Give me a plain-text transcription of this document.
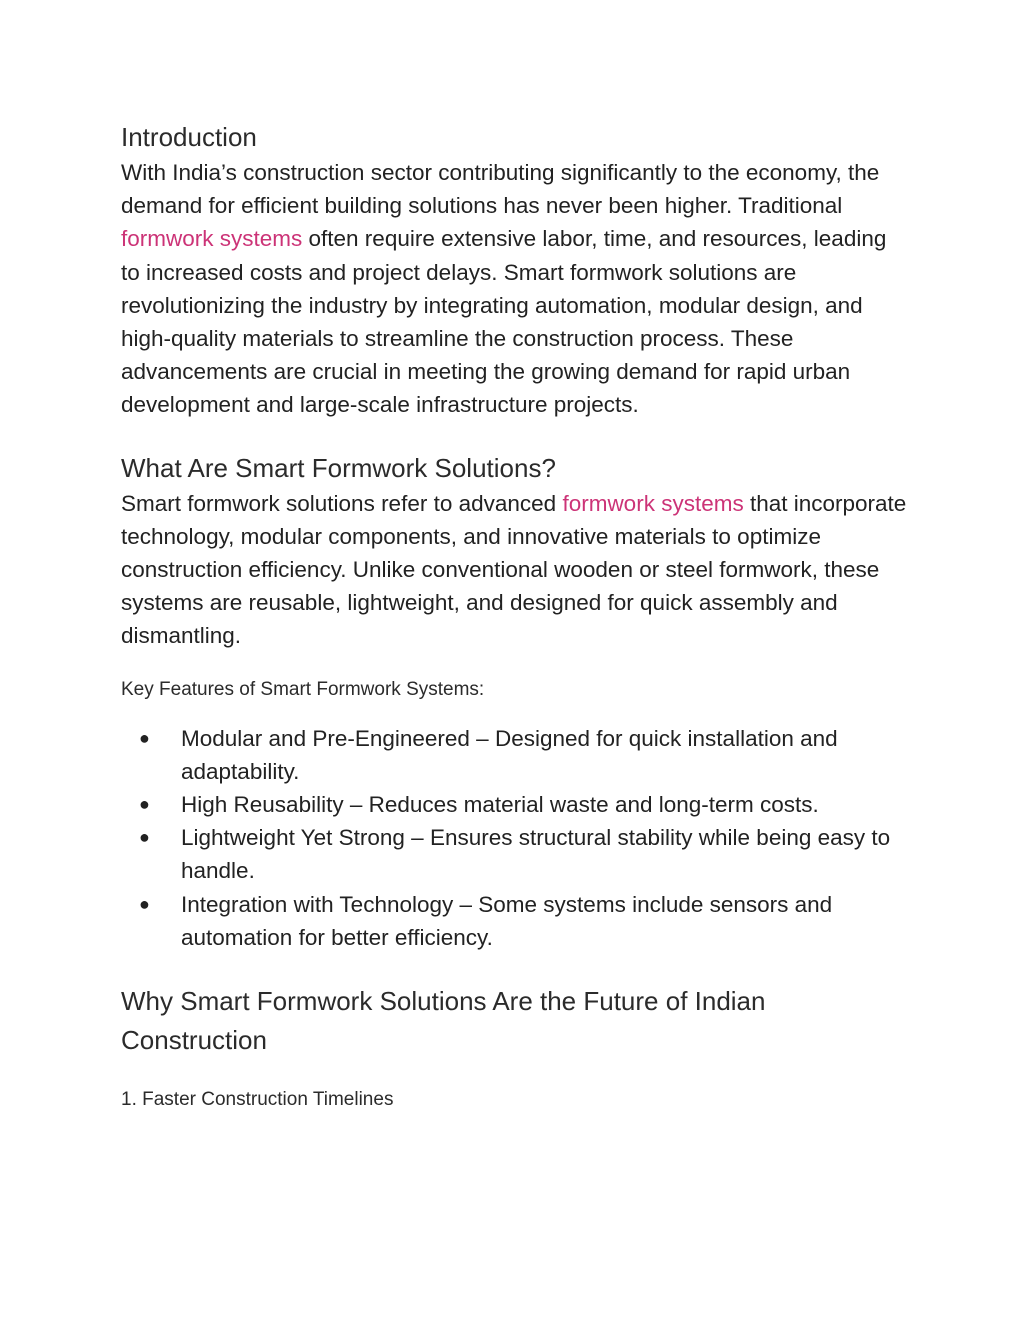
Introduction

With India’s construction sector contributing significantly to the economy, the demand for efficient building solutions has never been higher. Traditional formwork systems often require extensive labor, time, and resources, leading to increased costs and project delays. Smart formwork solutions are revolutionizing the industry by integrating automation, modular design, and high-quality materials to streamline the construction process. These advancements are crucial in meeting the growing demand for rapid urban development and large-scale infrastructure projects.

What Are Smart Formwork Solutions?

Smart formwork solutions refer to advanced formwork systems that incorporate technology, modular components, and innovative materials to optimize construction efficiency. Unlike conventional wooden or steel formwork, these systems are reusable, lightweight, and designed for quick assembly and dismantling.

Key Features of Smart Formwork Systems:
● Modular and Pre-Engineered – Designed for quick installation and adaptability.
● High Reusability – Reduces material waste and long-term costs.
● Lightweight Yet Strong – Ensures structural stability while being easy to handle.
● Integration with Technology – Some systems include sensors and automation for better efficiency.
Why Smart Formwork Solutions Are the Future of Indian Construction
1. Faster Construction Timelines
